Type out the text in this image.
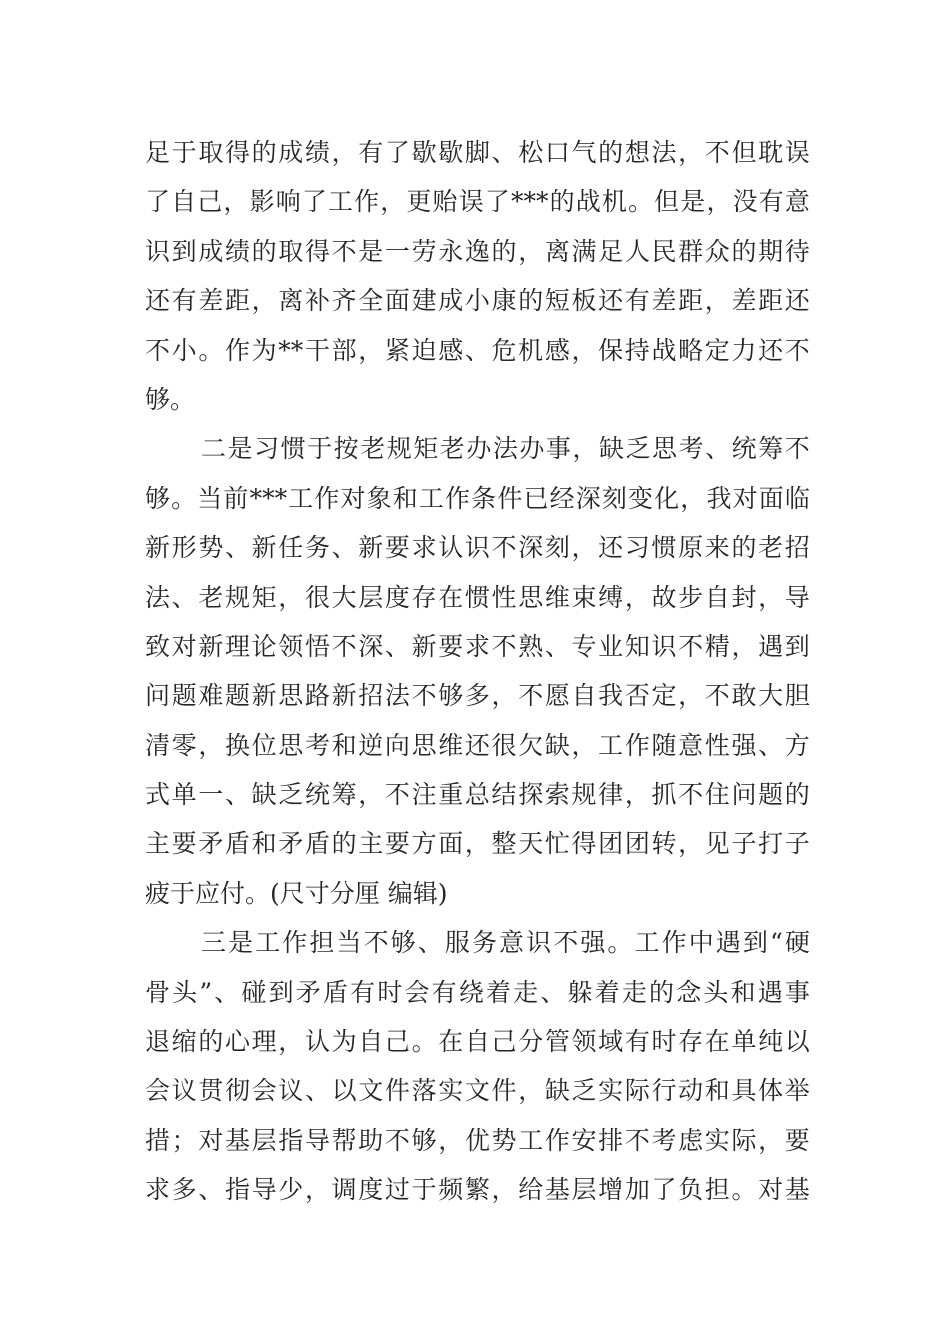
足 于 取 得 的 成 绩 ， 有 了 歇 歇 脚 、 松 口 气 的 想 法 ， 不 但 耽 误
了 自 己 ， 影 响 了 工 作 ， 更 贻 误 了 *** 的 战 机 。 但 是 ， 没 有 意
识 到 成 绩 的 取 得 不 是 一 劳 永 逸 的 ， 离 满 足 人 民 群 众 的 期 待
还 有 差 距 ， 离 补 齐 全 面 建 成 小 康 的 短 板 还 有 差 距 ， 差 距 还
不 小 。 作 为 ** 干 部 ， 紧 迫 感 、 危 机 感 ， 保 持 战 略 定 力 还 不
够。
二 是 习 惯 于 按 老 规 矩 老 办 法 办 事 ， 缺 乏 思 考 、 统 筹 不
够 。 当 前 *** 工 作 对 象 和 工 作 条 件 已 经 深 刻 变 化 ， 我 对 面 临
新 形 势 、 新 任 务 、 新 要 求 认 识 不 深 刻 ， 还 习 惯 原 来 的 老 招
法 、 老 规 矩 ， 很 大 层 度 存 在 惯 性 思 维 束 缚 ， 故 步 自 封 ， 导
致 对 新 理 论 领 悟 不 深 、 新 要 求 不 熟 、 专 业 知 识 不 精 ， 遇 到
问 题 难 题 新 思 路 新 招 法 不 够 多 ， 不 愿 自 我 否 定 ， 不 敢 大 胆
清 零 ， 换 位 思 考 和 逆 向 思 维 还 很 欠 缺 ， 工 作 随 意 性 强 、 方
式 单 一 、 缺 乏 统 筹 ， 不 注 重 总 结 探 索 规 律 ， 抓 不 住 问 题 的
主 要 矛 盾 和 矛 盾 的 主 要 方 面 ， 整 天 忙 得 团 团 转 ， 见 子 打 子
疲于应付。(尺寸分厘 编辑)
三 是 工 作 担 当 不 够 、 服 务 意 识 不 强 。 工 作 中 遇 到 “ 硬
骨 头 ” 、 碰 到 矛 盾 有 时 会 有 绕 着 走 、 躲 着 走 的 念 头 和 遇 事
退 缩 的 心 理 ， 认 为 自 己 。 在 自 己 分 管 领 域 有 时 存 在 单 纯 以
会 议 贯 彻 会 议 、 以 文 件 落 实 文 件 ， 缺 乏 实 际 行 动 和 具 体 举
措 ； 对 基 层 指 导 帮 助 不 够 ， 优 势 工 作 安 排 不 考 虑 实 际 ， 要
求 多 、 指 导 少 ， 调 度 过 于 频 繁 ， 给 基 层 增 加 了 负 担 。 对 基
